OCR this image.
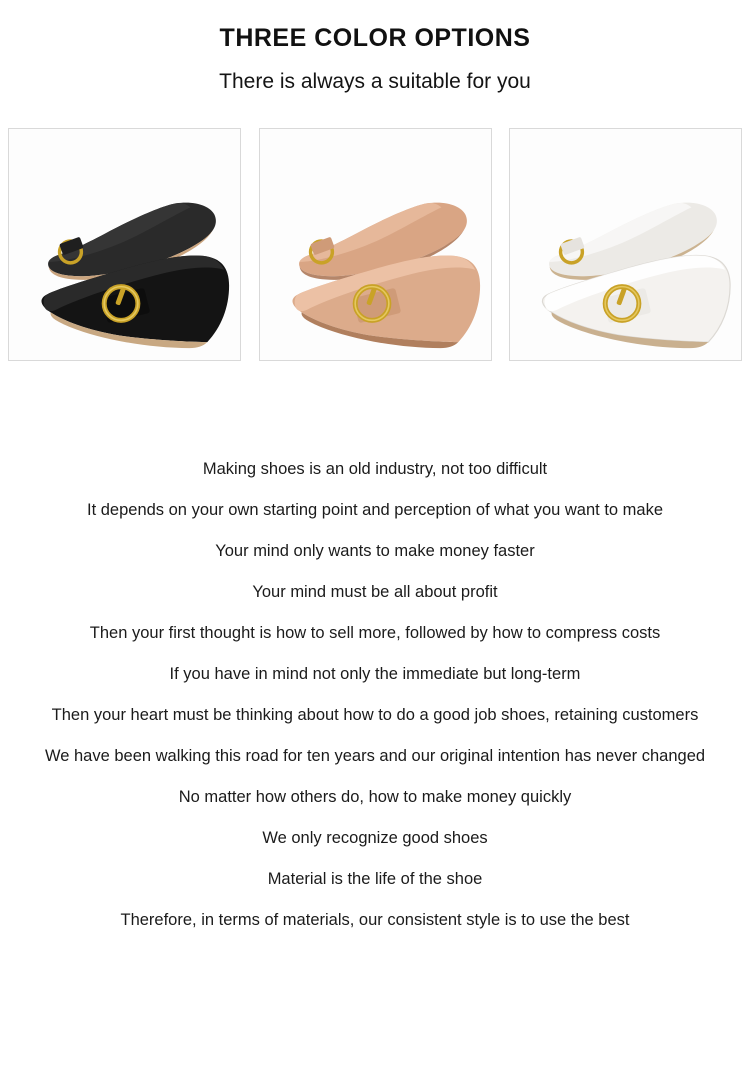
THREE COLOR OPTIONS
There is always a suitable for you

Making shoes is an old industry, not too difficult

It depends on your own starting point and perception of what you want to make

Your mind only wants to make money faster

Your mind must be all about profit

Then your first thought is how to sell more, followed by how to compress costs

If you have in mind not only the immediate but long-term

Then your heart must be thinking about how to do a good job shoes, retaining customers

We have been walking this road for ten years and our original intention has never changed

No matter how others do, how to make money quickly

We only recognize good shoes

Material is the life of the shoe

Therefore, in terms of materials, our consistent style is to use the best
